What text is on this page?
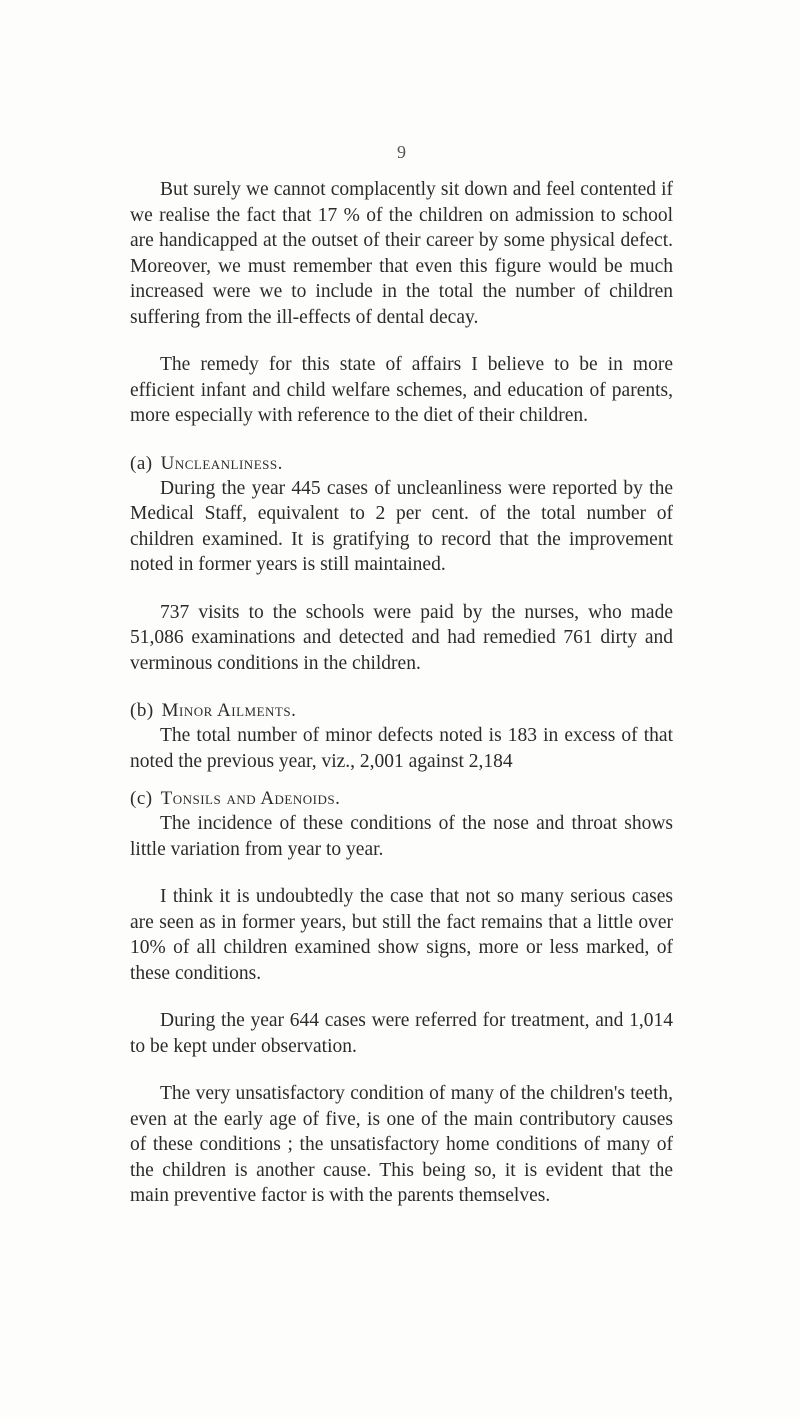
9

But surely we cannot complacently sit down and feel contented if we realise the fact that 17 % of the children on admission to school are handicapped at the outset of their career by some physical defect. Moreover, we must remember that even this figure would be much increased were we to include in the total the number of children suffering from the ill-effects of dental decay.

The remedy for this state of affairs I believe to be in more efficient infant and child welfare schemes, and education of parents, more especially with reference to the diet of their children.

(a) Uncleanliness.

During the year 445 cases of uncleanliness were reported by the Medical Staff, equivalent to 2 per cent. of the total number of children examined. It is gratifying to record that the improvement noted in former years is still maintained.

737 visits to the schools were paid by the nurses, who made 51,086 examinations and detected and had remedied 761 dirty and verminous conditions in the children.

(b) Minor Ailments.

The total number of minor defects noted is 183 in excess of that noted the previous year, viz., 2,001 against 2,184

(c) Tonsils and Adenoids.

The incidence of these conditions of the nose and throat shows little variation from year to year.

I think it is undoubtedly the case that not so many serious cases are seen as in former years, but still the fact remains that a little over 10% of all children examined show signs, more or less marked, of these conditions.

During the year 644 cases were referred for treatment, and 1,014 to be kept under observation.

The very unsatisfactory condition of many of the children's teeth, even at the early age of five, is one of the main contributory causes of these conditions ; the unsatisfactory home conditions of many of the children is another cause. This being so, it is evident that the main preventive factor is with the parents themselves.
